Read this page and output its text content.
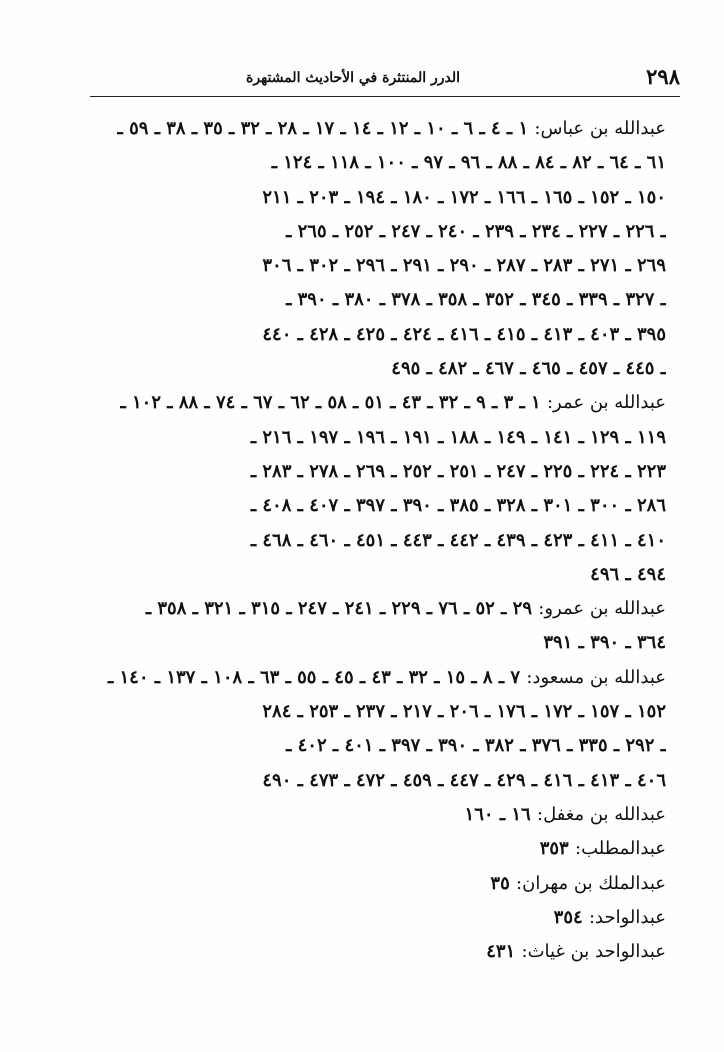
٢٩٨
الدرر المنتثرة في الأحاديث المشتهرة
عبدالله بن عباس: ١ ـ ٤ ـ ٦ ـ ١٠ ـ ١٢ ـ ١٤ ـ ١٧ ـ ٢٨ ـ ٣٢ ـ ٣٥ ـ ٣٨ ـ ٥٩ ـ
٦١ ـ ٦٤ ـ ٨٢ ـ ٨٤ ـ ٨٨ ـ ٩٦ ـ ٩٧ ـ ١٠٠ ـ ١١٨ ـ ١٢٤ ـ
١٥٠ ـ ١٥٢ ـ ١٦٥ ـ ١٦٦ ـ ١٧٢ ـ ١٨٠ ـ ١٩٤ ـ ٢٠٣ ـ ٢١١
ـ ٢٢٦ ـ ٢٢٧ ـ ٢٣٤ ـ ٢٣٩ ـ ٢٤٠ ـ ٢٤٧ ـ ٢٥٢ ـ ٢٦٥ ـ
٢٦٩ ـ ٢٧١ ـ ٢٨٣ ـ ٢٨٧ ـ ٢٩٠ ـ ٢٩١ ـ ٢٩٦ ـ ٣٠٢ ـ ٣٠٦
ـ ٣٢٧ ـ ٣٣٩ ـ ٣٤٥ ـ ٣٥٢ ـ ٣٥٨ ـ ٣٧٨ ـ ٣٨٠ ـ ٣٩٠ ـ
٣٩٥ ـ ٤٠٣ ـ ٤١٣ ـ ٤١٥ ـ ٤١٦ ـ ٤٢٤ ـ ٤٢٥ ـ ٤٢٨ ـ ٤٤٠
ـ ٤٤٥ ـ ٤٥٧ ـ ٤٦٥ ـ ٤٦٧ ـ ٤٨٢ ـ ٤٩٥
عبدالله بن عمر: ١ ـ ٣ ـ ٩ ـ ٣٢ ـ ٤٣ ـ ٥١ ـ ٥٨ ـ ٦٢ ـ ٦٧ ـ ٧٤ ـ ٨٨ ـ ١٠٢ ـ
١١٩ ـ ١٢٩ ـ ١٤١ ـ ١٤٩ ـ ١٨٨ ـ ١٩١ ـ ١٩٦ ـ ١٩٧ ـ ٢١٦ ـ
٢٢٣ ـ ٢٢٤ ـ ٢٢٥ ـ ٢٤٧ ـ ٢٥١ ـ ٢٥٢ ـ ٢٦٩ ـ ٢٧٨ ـ ٢٨٣ ـ
٢٨٦ ـ ٣٠٠ ـ ٣٠١ ـ ٣٢٨ ـ ٣٨٥ ـ ٣٩٠ ـ ٣٩٧ ـ ٤٠٧ ـ ٤٠٨ ـ
٤١٠ ـ ٤١١ ـ ٤٢٣ ـ ٤٣٩ ـ ٤٤٢ ـ ٤٤٣ ـ ٤٥١ ـ ٤٦٠ ـ ٤٦٨ ـ
٤٩٤ ـ ٤٩٦
عبدالله بن عمرو: ٢٩ ـ ٥٢ ـ ٧٦ ـ ٢٢٩ ـ ٢٤١ ـ ٢٤٧ ـ ٣١٥ ـ ٣٢١ ـ ٣٥٨ ـ
٣٦٤ ـ ٣٩٠ ـ ٣٩١
عبدالله بن مسعود: ٧ ـ ٨ ـ ١٥ ـ ٣٢ ـ ٤٣ ـ ٤٥ ـ ٥٥ ـ ٦٣ ـ ١٠٨ ـ ١٣٧ ـ ١٤٠ ـ
١٥٢ ـ ١٥٧ ـ ١٧٢ ـ ١٧٦ ـ ٢٠٦ ـ ٢١٧ ـ ٢٣٧ ـ ٢٥٣ ـ ٢٨٤
ـ ٢٩٢ ـ ٣٣٥ ـ ٣٧٦ ـ ٣٨٢ ـ ٣٩٠ ـ ٣٩٧ ـ ٤٠١ ـ ٤٠٢ ـ
٤٠٦ ـ ٤١٣ ـ ٤١٦ ـ ٤٢٩ ـ ٤٤٧ ـ ٤٥٩ ـ ٤٧٢ ـ ٤٧٣ ـ ٤٩٠
عبدالله بن مغفل: ١٦ ـ ١٦٠
عبدالمطلب: ٣٥٣
عبدالملك بن مهران: ٣٥
عبدالواحد: ٣٥٤
عبدالواحد بن غياث: ٤٣١
